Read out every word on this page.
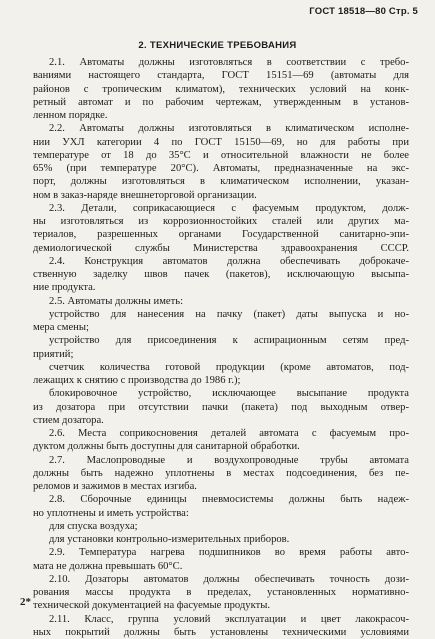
ГОСТ 18518—80 Стр. 5
2. ТЕХНИЧЕСКИЕ ТРЕБОВАНИЯ
2.1. Автоматы должны изготовляться в соответствии с требо-
ваниями настоящего стандарта, ГОСТ 15151—69 (автоматы для
районов с тропическим климатом), технических условий на конк-
ретный автомат и по рабочим чертежам, утвержденным в установ-
ленном порядке.
2.2. Автоматы должны изготовляться в климатическом исполне-
нии УХЛ категории 4 по ГОСТ 15150—69, но для работы при
температуре от 18 до 35°С и относительной влажности не более
65% (при температуре 20°С). Автоматы, предназначенные на экс-
порт, должны изготовляться в климатическом исполнении, указан-
ном в заказ-наряде внешнеторговой организации.
2.3. Детали, соприкасающиеся с фасуемым продуктом, долж-
ны изготовляться из коррозионностойких сталей или других ма-
териалов, разрешенных органами Государственной санитарно-эпи-
демиологической службы Министерства здравоохранения СССР.
2.4. Конструкция автоматов должна обеспечивать доброкаче-
ственную заделку швов пачек (пакетов), исключающую высыпа-
ние продукта.
2.5. Автоматы должны иметь:
устройство для нанесения на пачку (пакет) даты выпуска и но-
мера смены;
устройство для присоединения к аспирационным сетям пред-
приятий;
счетчик количества готовой продукции (кроме автоматов, под-
лежащих к снятию с производства до 1986 г.);
блокировочное устройство, исключающее высыпание продукта
из дозатора при отсутствии пачки (пакета) под выходным отвер-
стием дозатора.
2.6. Места соприкосновения деталей автомата с фасуемым про-
дуктом должны быть доступны для санитарной обработки.
2.7. Маслопроводные и воздухопроводные трубы автомата
должны быть надежно уплотнены в местах подсоединения, без пе-
реломов и зажимов в местах изгиба.
2.8. Сборочные единицы пневмосистемы должны быть надеж-
но уплотнены и иметь устройства:
для спуска воздуха;
для установки контрольно-измерительных приборов.
2.9. Температура нагрева подшипников во время работы авто-
мата не должна превышать 60°С.
2.10. Дозаторы автоматов должны обеспечивать точность дози-
рования массы продукта в пределах, установленных нормативно-
технической документацией на фасуемые продукты.
2.11. Класс, группа условий эксплуатации и цвет лакокрасоч-
ных покрытий должны быть установлены техническими условиями
2*
